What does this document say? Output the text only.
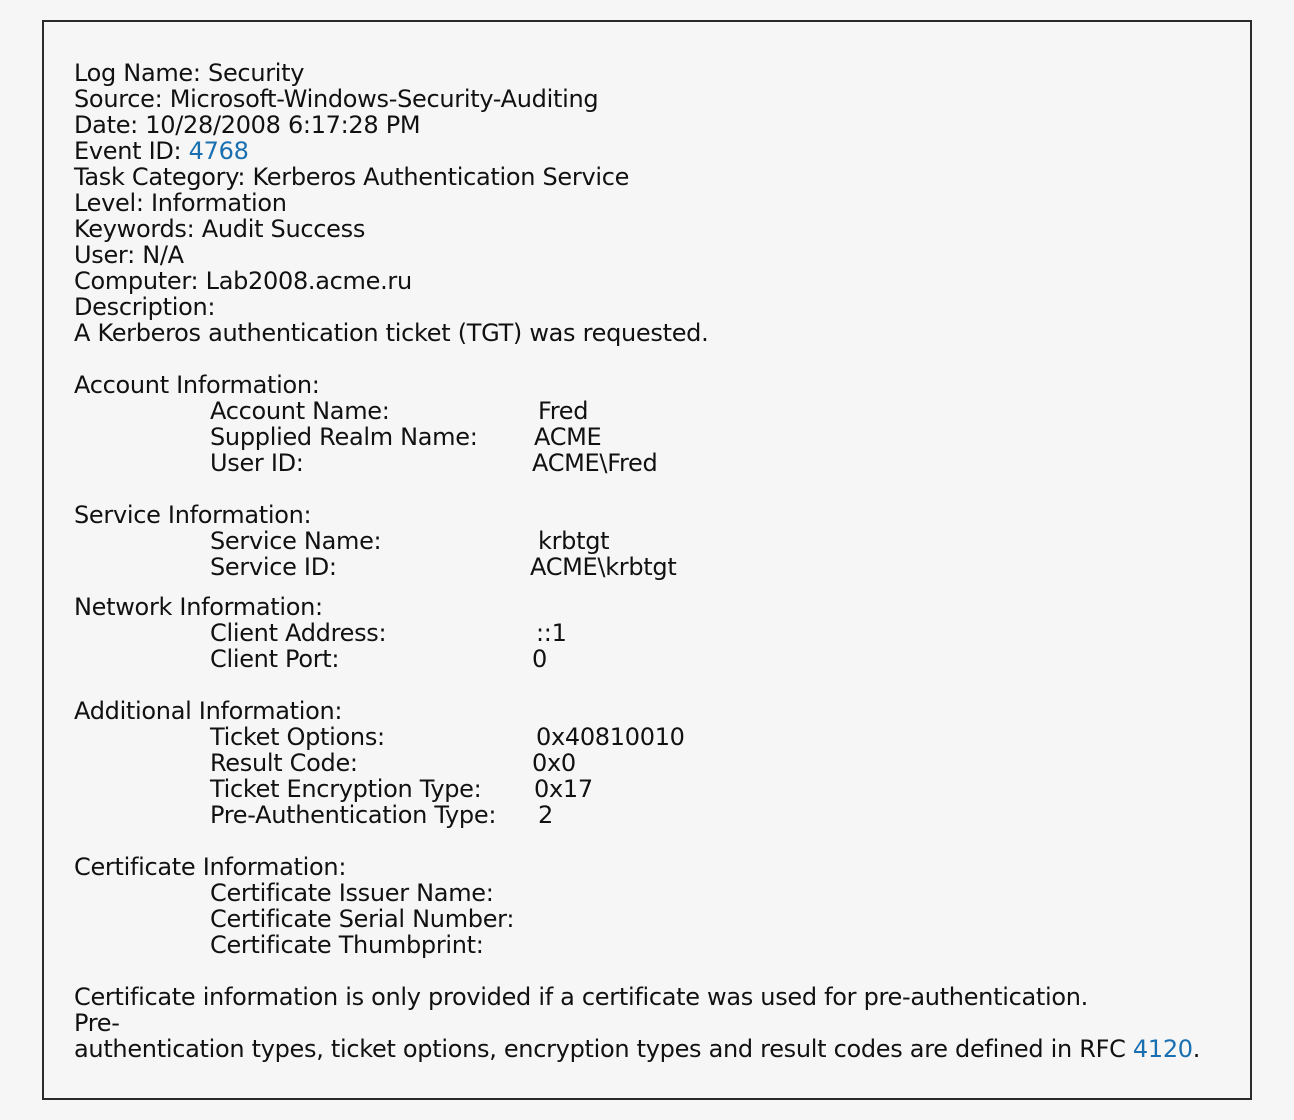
Log Name: Security
Source: Microsoft-Windows-Security-Auditing
Date: 10/28/2008 6:17:28 PM
Event ID: 4768
Task Category: Kerberos Authentication Service
Level: Information
Keywords: Audit Success
User: N/A
Computer: Lab2008.acme.ru
Description:
A Kerberos authentication ticket (TGT) was requested.
Account Information:
Account Name:	Fred
Supplied Realm Name: ACME
User ID:	ACME\Fred
Service Information:
Service Name:	krbtgt
Service ID:	ACME\krbtgt
Network Information:
Client Address:	::1
Client Port:	0
Additional Information:
Ticket Options:	0x40810010
Result Code:	0x0
Ticket Encryption Type: 0x17
Pre-Authentication Type: 2
Certificate Information:
Certificate Issuer Name:
Certificate Serial Number:
Certificate Thumbprint:
Certificate information is only provided if a certificate was used for pre-authentication.
Pre-
authentication types, ticket options, encryption types and result codes are defined in RFC 4120.
